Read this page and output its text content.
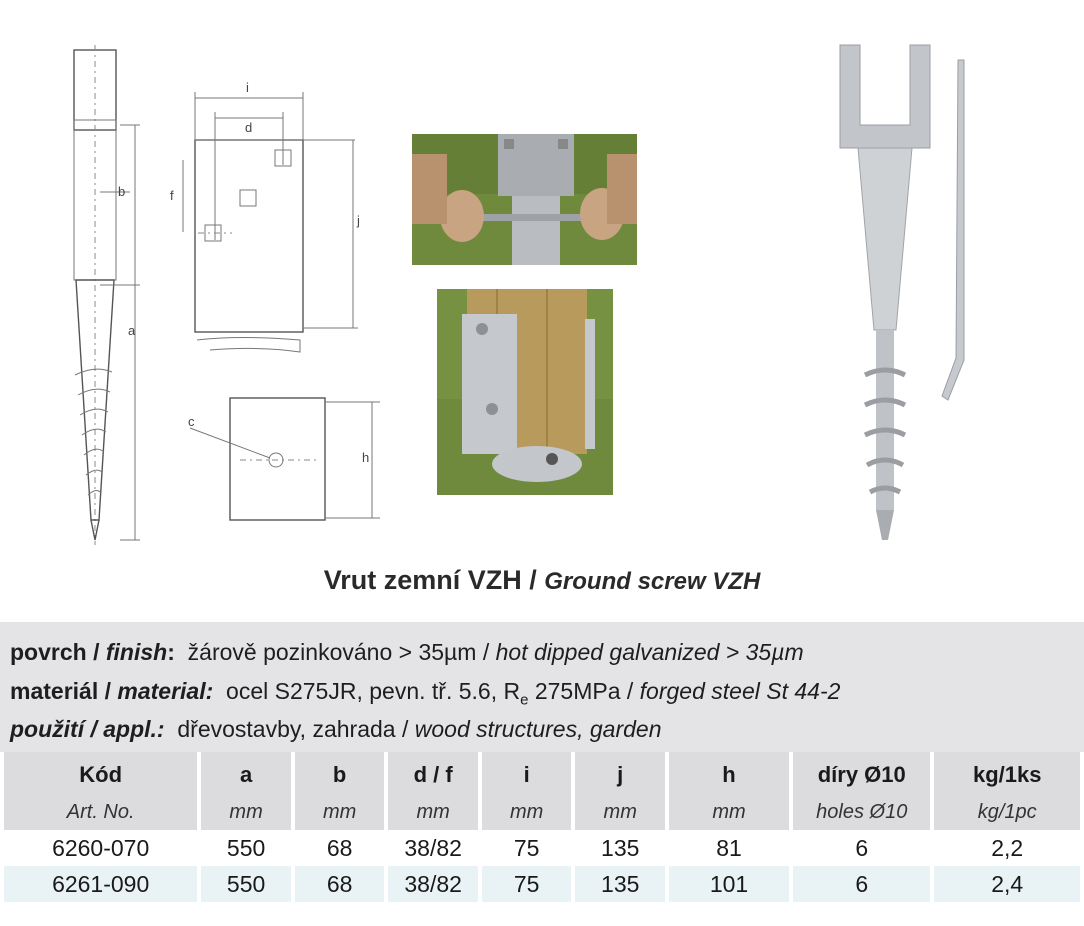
b
a
i
d
f
j
c
h
Vrut zemní VZH / Ground screw VZH
povrch / finish: žárově pozinkováno > 35µm / hot dipped galvanized > 35µm
materiál / material: ocel S275JR, pevn. tř. 5.6, $R_e$ 275MPa / forged steel St 44-2
použití / appl.: dřevostavby, zahrada / wood structures, garden
Kód	a	b	d / f	i	j	h	díry Ø10	kg/1ks
Art. No.	mm	mm	mm	mm	mm	mm	holes Ø10	kg/1pc
6260-070	550	68	38/82	75	135	81	6	2,2
6261-090	550	68	38/82	75	135	101	6	2,4
